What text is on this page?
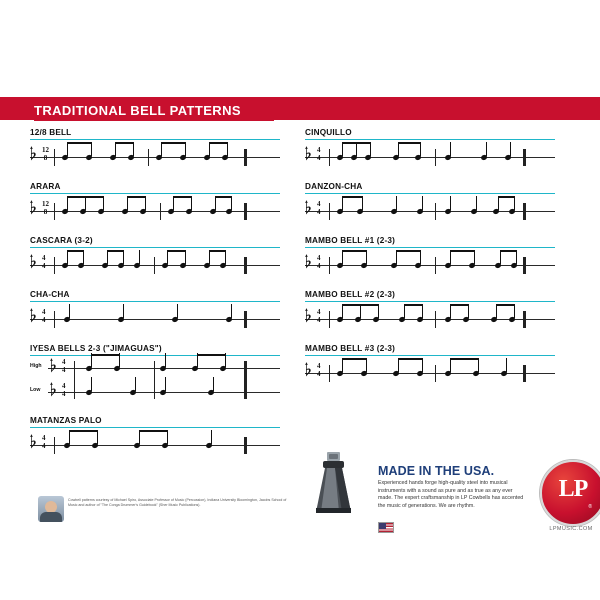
TRADITIONAL BELL PATTERNS
12/8 BELL
𝄬 12
8
ARARA
𝄬 12
8
CASCARA (3-2)
𝄬 4
4
CHA-CHA
𝄬 4
4
IYESA BELLS 2-3 ("JIMAGUAS")
High
Low
𝄬
𝄬
4
4
4
4
MATANZAS PALO
𝄬 4
4
CINQUILLO
𝄬 4
4
DANZON-CHA
𝄬 4
4
MAMBO BELL #1 (2-3)
𝄬 4
4
MAMBO BELL #2 (2-3)
𝄬 4
4
MAMBO BELL #3 (2-3)
𝄬 4
4
MADE IN THE USA.
Experienced hands forge high-quality steel into musical instruments with a sound as pure and as true as any ever made. The expert craftsmanship in LP Cowbells has accented the music of generations. We are rhythm.
LP
®
LPMUSIC.COM
Cowbell patterns courtesy of Michael Spiro, Associate Professor of Music (Percussion), Indiana University Bloomington, Jacobs School of Music and author of "The Conga Drummer's Guidebook" (Sher Music Publications).
